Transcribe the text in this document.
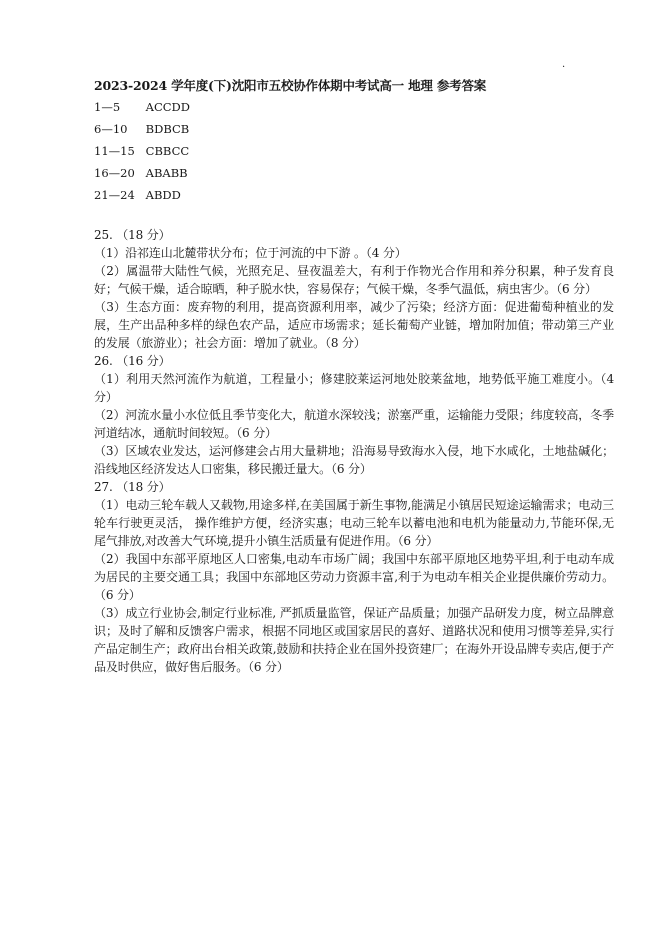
.
2023-2024 学年度(下)沈阳市五校协作体期中考试高一 地理 参考答案
1—5 ACCDD
6—10 BDBCB
11—15 CBBCC
16—20 ABABB
21—24 ABDD

25. （18 分）

（1）沿祁连山北麓带状分布；位于河流的中下游 。（4 分）

（2）属温带大陆性气候，光照充足、昼夜温差大，有利于作物光合作用和养分积累，种子发育良好；气候干燥，适合晾晒，种子脱水快，容易保存；气候干燥，冬季气温低，病虫害少。（6 分）

（3）生态方面：废弃物的利用，提高资源利用率，减少了污染；经济方面：促进葡萄种植业的发展，生产出品种多样的绿色农产品，适应市场需求；延长葡萄产业链，增加附加值；带动第三产业的发展（旅游业）；社会方面：增加了就业。（8 分）

26. （16 分）

（1）利用天然河流作为航道，工程量小；修建胶莱运河地处胶莱盆地，地势低平施工难度小。（4 分）

（2）河流水量小水位低且季节变化大，航道水深较浅；淤塞严重，运输能力受限；纬度较高，冬季河道结冰，通航时间较短。（6 分）

（3）区域农业发达，运河修建会占用大量耕地；沿海易导致海水入侵，地下水咸化，土地盐碱化；沿线地区经济发达人口密集，移民搬迁量大。（6 分）

27. （18 分）

（1）电动三轮车载人又载物,用途多样,在美国属于新生事物,能满足小镇居民短途运输需求；电动三轮车行驶更灵活， 操作维护方便，经济实惠；电动三轮车以蓄电池和电机为能量动力,节能环保,无尾气排放,对改善大气环境,提升小镇生活质量有促进作用。（6 分）

（2）我国中东部平原地区人口密集,电动车市场广阔；我国中东部平原地区地势平坦,利于电动车成为居民的主要交通工具；我国中东部地区劳动力资源丰富,利于为电动车相关企业提供廉价劳动力。（6 分）

（3）成立行业协会,制定行业标准, 严抓质量监管，保证产品质量；加强产品研发力度，树立品牌意识；及时了解和反馈客户需求，根据不同地区或国家居民的喜好、道路状况和使用习惯等差异,实行产品定制生产；政府出台相关政策,鼓励和扶持企业在国外投资建厂；在海外开设品牌专卖店,便于产品及时供应，做好售后服务。（6 分）
